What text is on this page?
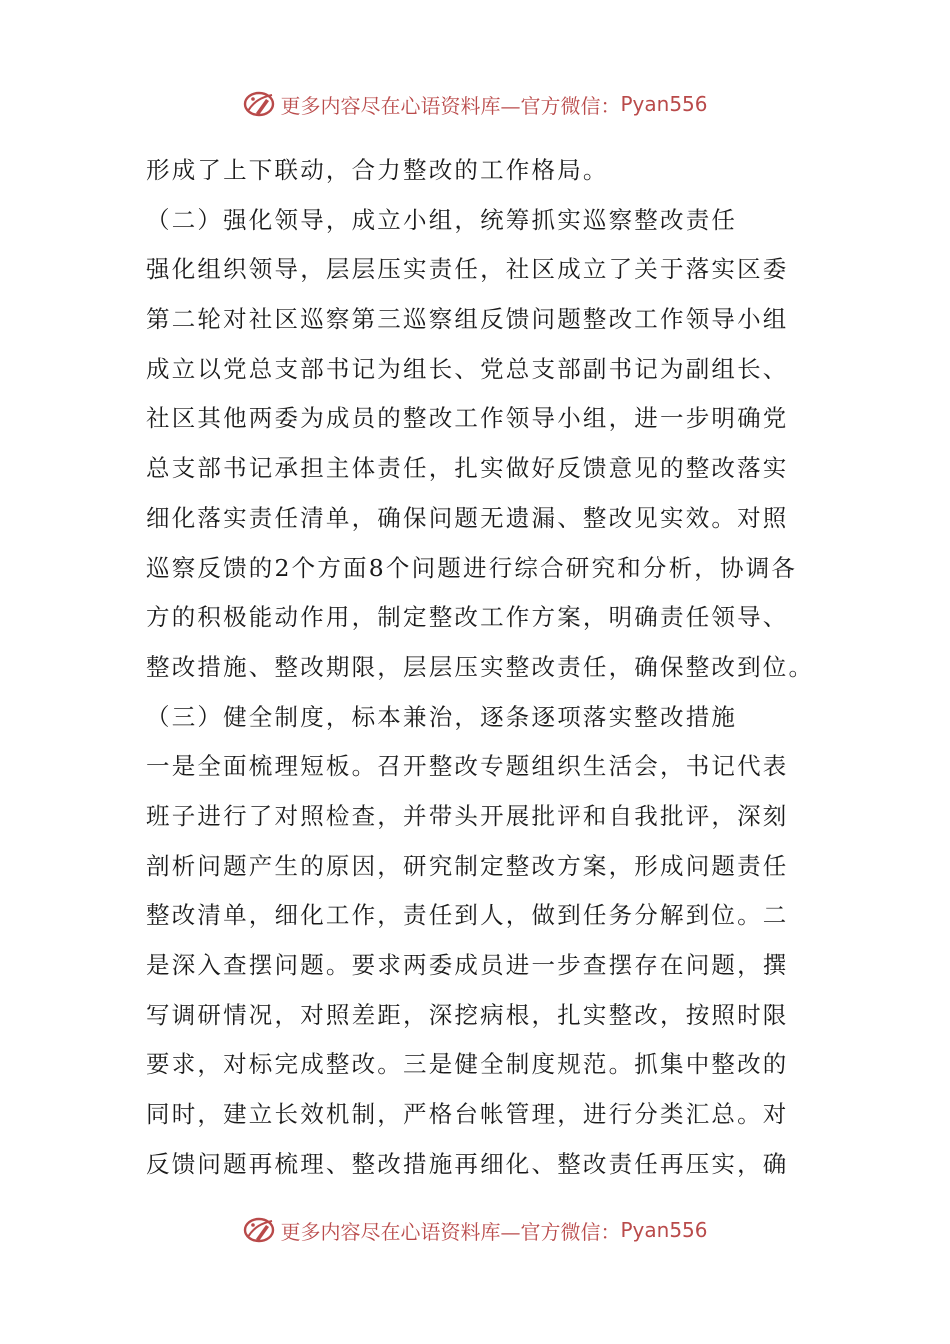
更多内容尽在心语资料库—官方微信： Pyan556
形成了上下联动，合力整改的工作格局。
（二）强化领导，成立小组，统筹抓实巡察整改责任
强化组织领导，层层压实责任，社区成立了关于落实区委
第二轮对社区巡察第三巡察组反馈问题整改工作领导小组
成立以党总支部书记为组长、党总支部副书记为副组长、
社区其他两委为成员的整改工作领导小组，进一步明确党
总支部书记承担主体责任，扎实做好反馈意见的整改落实
细化落实责任清单，确保问题无遗漏、整改见实效。对照
巡察反馈的2个方面8个问题进行综合研究和分析，协调各
方的积极能动作用，制定整改工作方案，明确责任领导、
整改措施、整改期限，层层压实整改责任，确保整改到位。
（三）健全制度，标本兼治，逐条逐项落实整改措施
一是全面梳理短板。召开整改专题组织生活会，书记代表
班子进行了对照检查，并带头开展批评和自我批评，深刻
剖析问题产生的原因，研究制定整改方案，形成问题责任
整改清单，细化工作，责任到人，做到任务分解到位。二
是深入查摆问题。要求两委成员进一步查摆存在问题，撰
写调研情况，对照差距，深挖病根，扎实整改，按照时限
要求，对标完成整改。三是健全制度规范。抓集中整改的
同时，建立长效机制，严格台帐管理，进行分类汇总。对
反馈问题再梳理、整改措施再细化、整改责任再压实，确
更多内容尽在心语资料库—官方微信： Pyan556
